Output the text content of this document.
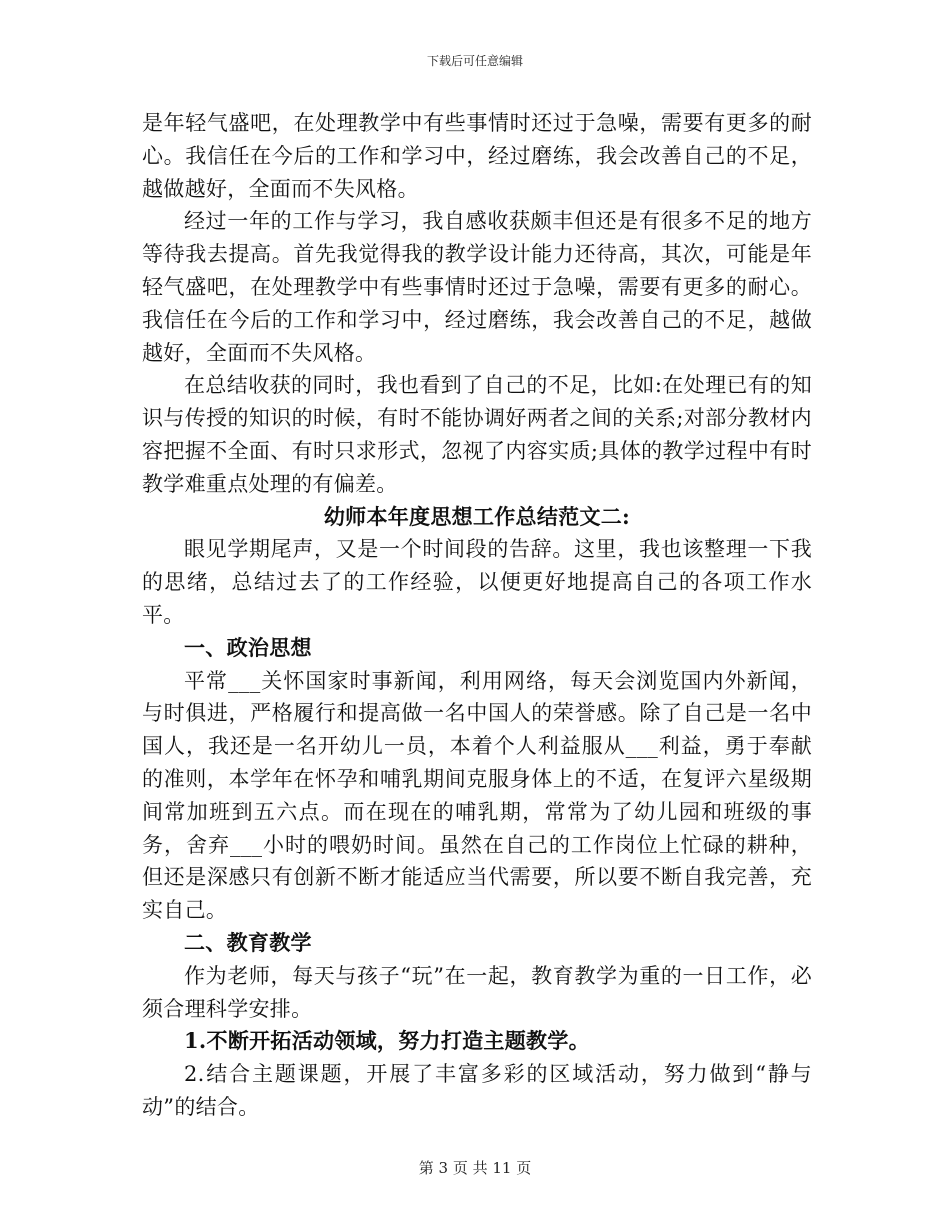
下载后可任意编辑

是年轻气盛吧，在处理教学中有些事情时还过于急噪，需要有更多的耐心。我信任在今后的工作和学习中，经过磨练，我会改善自己的不足，越做越好，全面而不失风格。

经过一年的工作与学习，我自感收获颇丰但还是有很多不足的地方等待我去提高。首先我觉得我的教学设计能力还待高，其次，可能是年轻气盛吧，在处理教学中有些事情时还过于急噪，需要有更多的耐心。我信任在今后的工作和学习中，经过磨练，我会改善自己的不足，越做越好，全面而不失风格。

在总结收获的同时，我也看到了自己的不足，比如:在处理已有的知识与传授的知识的时候，有时不能协调好两者之间的关系;对部分教材内容把握不全面、有时只求形式，忽视了内容实质;具体的教学过程中有时教学难重点处理的有偏差。

幼师本年度思想工作总结范文二:

眼见学期尾声，又是一个时间段的告辞。这里，我也该整理一下我的思绪，总结过去了的工作经验，以便更好地提高自己的各项工作水平。

一、政治思想

平常___关怀国家时事新闻，利用网络，每天会浏览国内外新闻，与时俱进，严格履行和提高做一名中国人的荣誉感。除了自己是一名中国人，我还是一名开幼儿一员，本着个人利益服从___利益，勇于奉献的准则，本学年在怀孕和哺乳期间克服身体上的不适，在复评六星级期间常加班到五六点。而在现在的哺乳期，常常为了幼儿园和班级的事务，舍弃___小时的喂奶时间。虽然在自己的工作岗位上忙碌的耕种，但还是深感只有创新不断才能适应当代需要，所以要不断自我完善，充实自己。

二、教育教学

作为老师，每天与孩子“玩”在一起，教育教学为重的一日工作，必须合理科学安排。

1.不断开拓活动领域，努力打造主题教学。

2.结合主题课题，开展了丰富多彩的区域活动，努力做到“静与动”的结合。

第 3 页 共 11 页
